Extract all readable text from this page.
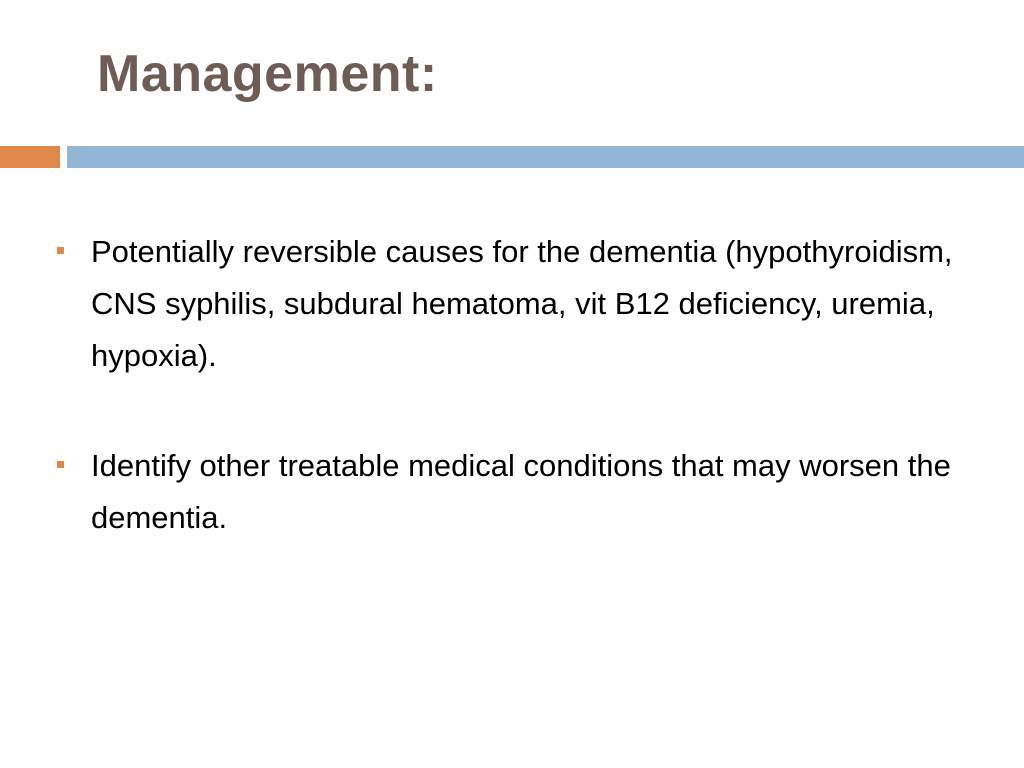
Management:
Potentially reversible causes for the dementia (hypothyroidism, CNS syphilis, subdural hematoma, vit B12 deficiency, uremia, hypoxia).
Identify other treatable medical conditions that may worsen the dementia.
